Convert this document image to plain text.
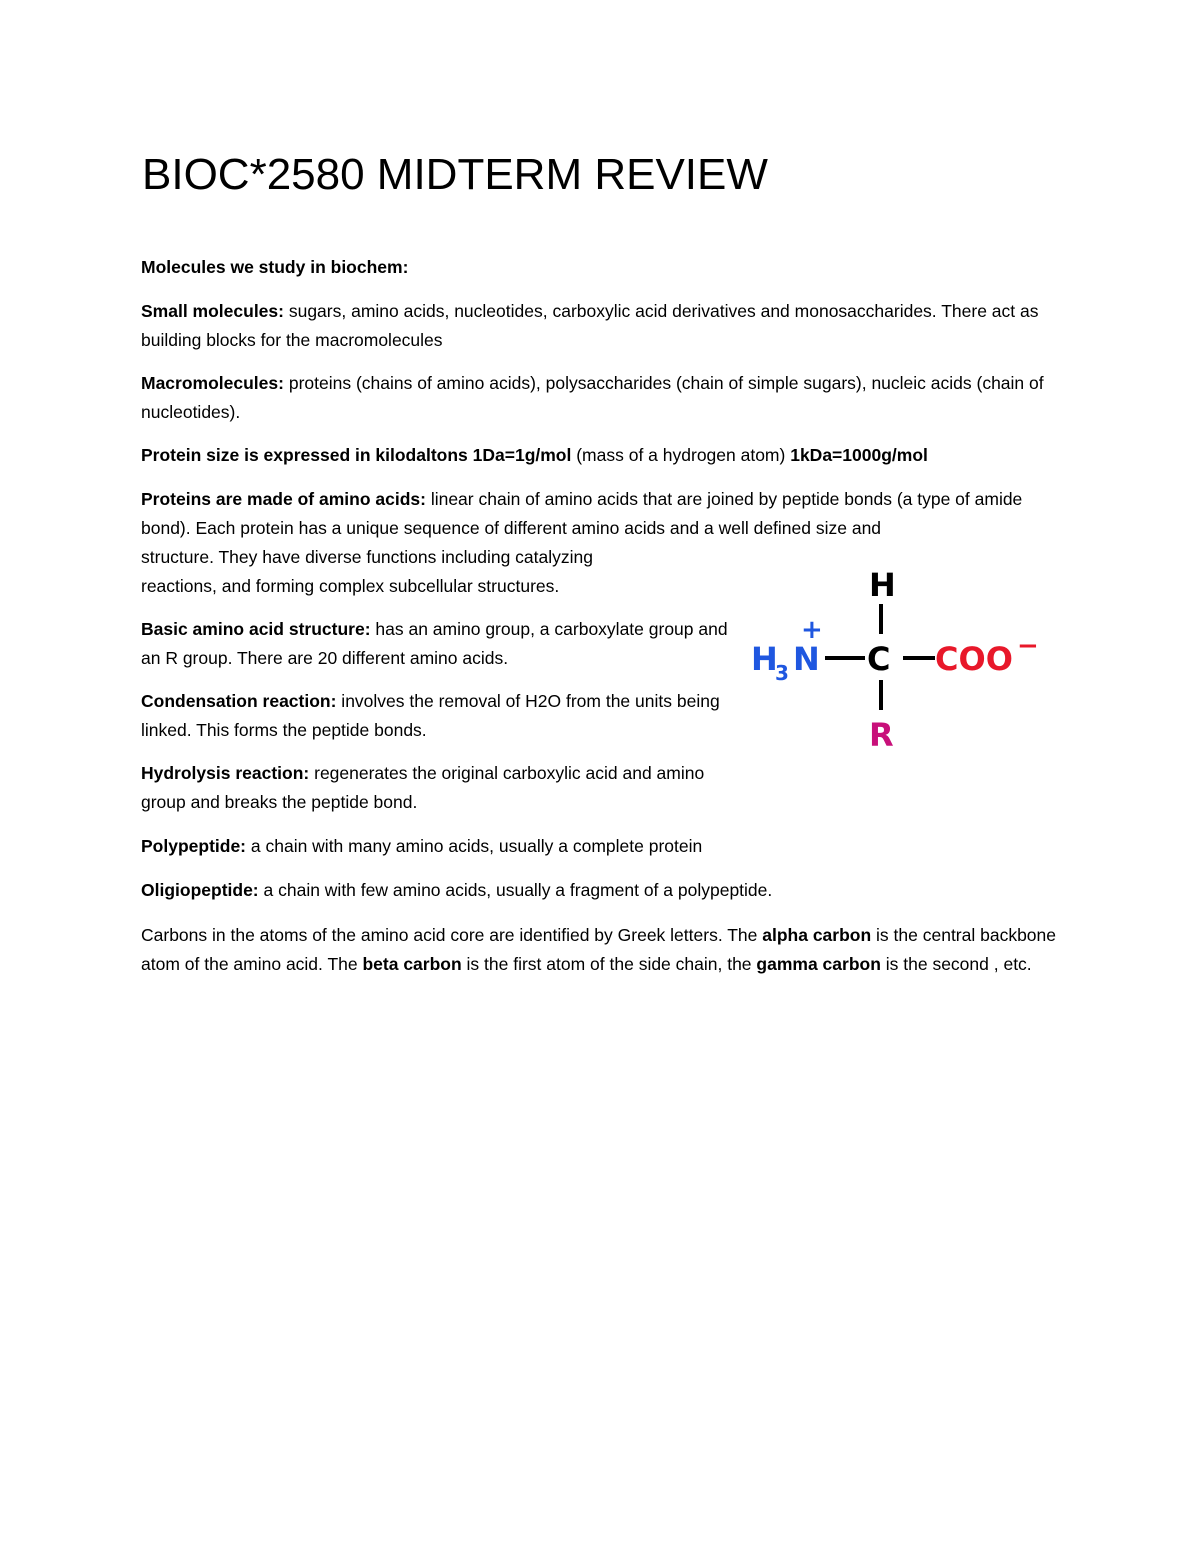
BIOC*2580 MIDTERM REVIEW

Molecules we study in biochem:

Small molecules: sugars, amino acids, nucleotides, carboxylic acid derivatives and monosaccharides. There act as building blocks for the macromolecules

Macromolecules: proteins (chains of amino acids), polysaccharides (chain of simple sugars), nucleic acids (chain of nucleotides).

Protein size is expressed in kilodaltons 1Da=1g/mol (mass of a hydrogen atom) 1kDa=1000g/mol

Proteins are made of amino acids: linear chain of amino acids that are joined by peptide bonds (a type of amide bond). Each protein has a unique sequence of different amino acids and a well defined size and
structure. They have diverse functions including catalyzing
reactions, and forming complex subcellular structures.

Basic amino acid structure: has an amino group, a carboxylate group and an R group. There are 20 different amino acids.

Condensation reaction: involves the removal of H2O from the units being linked. This forms the peptide bonds.

Hydrolysis reaction: regenerates the original carboxylic acid and amino group and breaks the peptide bond.

Polypeptide: a chain with many amino acids, usually a complete protein

Oligiopeptide: a chain with few amino acids, usually a fragment of a polypeptide.

Carbons in the atoms of the amino acid core are identified by Greek letters. The alpha carbon is the central backbone atom of the amino acid. The beta carbon is the first atom of the side chain, the gamma carbon is the second , etc.

H
H
3 N
+
C COO −
R
